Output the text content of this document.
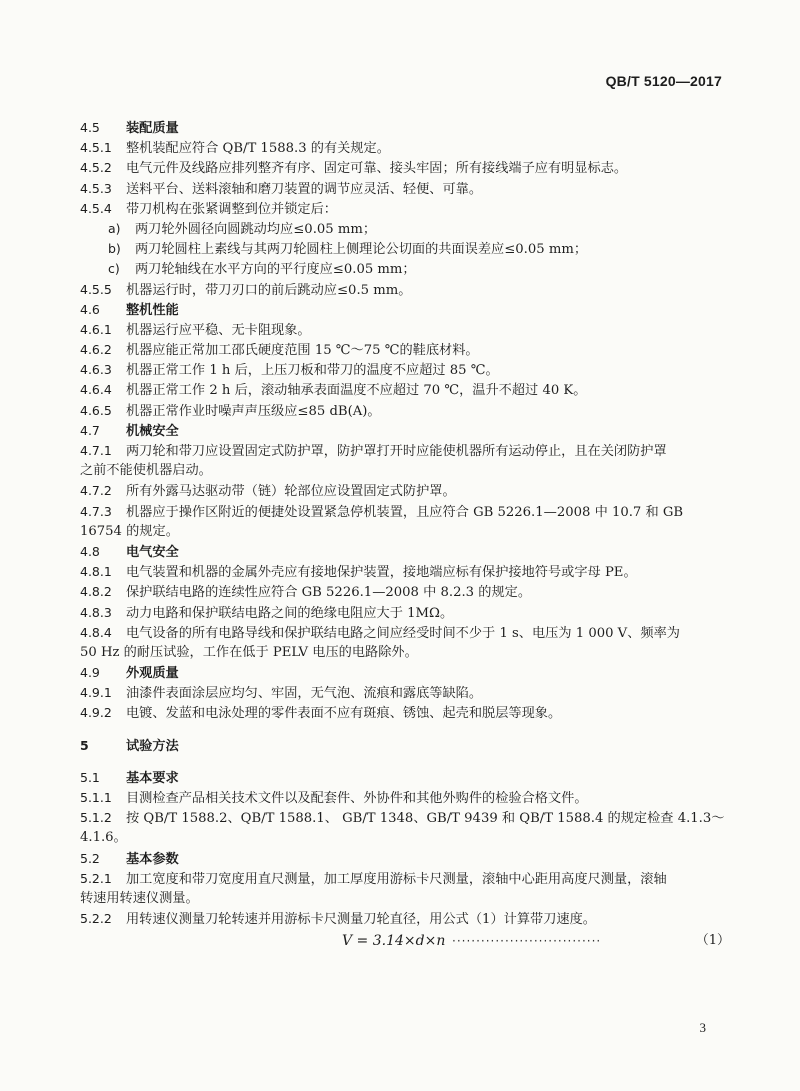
QB/T 5120—2017
4.5 装配质量
4.5.1 整机装配应符合 QB/T 1588.3 的有关规定。
4.5.2 电气元件及线路应排列整齐有序、固定可靠、接头牢固；所有接线端子应有明显标志。
4.5.3 送料平台、送料滚轴和磨刀装置的调节应灵活、轻便、可靠。
4.5.4 带刀机构在张紧调整到位并锁定后：
a) 两刀轮外圆径向圆跳动均应≤0.05 mm；
b) 两刀轮圆柱上素线与其两刀轮圆柱上侧理论公切面的共面误差应≤0.05 mm；
c) 两刀轮轴线在水平方向的平行度应≤0.05 mm；
4.5.5 机器运行时，带刀刃口的前后跳动应≤0.5 mm。
4.6 整机性能
4.6.1 机器运行应平稳、无卡阻现象。
4.6.2 机器应能正常加工邵氏硬度范围 15 ℃～75 ℃的鞋底材料。
4.6.3 机器正常工作 1 h 后，上压刀板和带刀的温度不应超过 85 ℃。
4.6.4 机器正常工作 2 h 后，滚动轴承表面温度不应超过 70 ℃，温升不超过 40 K。
4.6.5 机器正常作业时噪声声压级应≤85 dB(A)。
4.7 机械安全
4.7.1 两刀轮和带刀应设置固定式防护罩，防护罩打开时应能使机器所有运动停止，且在关闭防护罩
之前不能使机器启动。
4.7.2 所有外露马达驱动带（链）轮部位应设置固定式防护罩。
4.7.3 机器应于操作区附近的便捷处设置紧急停机装置，且应符合 GB 5226.1—2008 中 10.7 和 GB
16754 的规定。
4.8 电气安全
4.8.1 电气装置和机器的金属外壳应有接地保护装置，接地端应标有保护接地符号或字母 PE。
4.8.2 保护联结电路的连续性应符合 GB 5226.1—2008 中 8.2.3 的规定。
4.8.3 动力电路和保护联结电路之间的绝缘电阻应大于 1MΩ。
4.8.4 电气设备的所有电路导线和保护联结电路之间应经受时间不少于 1 s、电压为 1 000 V、频率为
50 Hz 的耐压试验，工作在低于 PELV 电压的电路除外。
4.9 外观质量
4.9.1 油漆件表面涂层应均匀、牢固，无气泡、流痕和露底等缺陷。
4.9.2 电镀、发蓝和电泳处理的零件表面不应有斑痕、锈蚀、起壳和脱层等现象。
5	试验方法
5.1 基本要求
5.1.1 目测检查产品相关技术文件以及配套件、外协件和其他外购件的检验合格文件。
5.1.2 按 QB/T 1588.2、QB/T 1588.1、 GB/T 1348、GB/T 9439 和 QB/T 1588.4 的规定检查 4.1.3～
4.1.6。
5.2 基本参数
5.2.1 加工宽度和带刀宽度用直尺测量，加工厚度用游标卡尺测量，滚轴中心距用高度尺测量，滚轴
转速用转速仪测量。
5.2.2 用转速仪测量刀轮转速并用游标卡尺测量刀轮直径，用公式（1）计算带刀速度。
V = 3.14×d×n ·······························	（1）
3
